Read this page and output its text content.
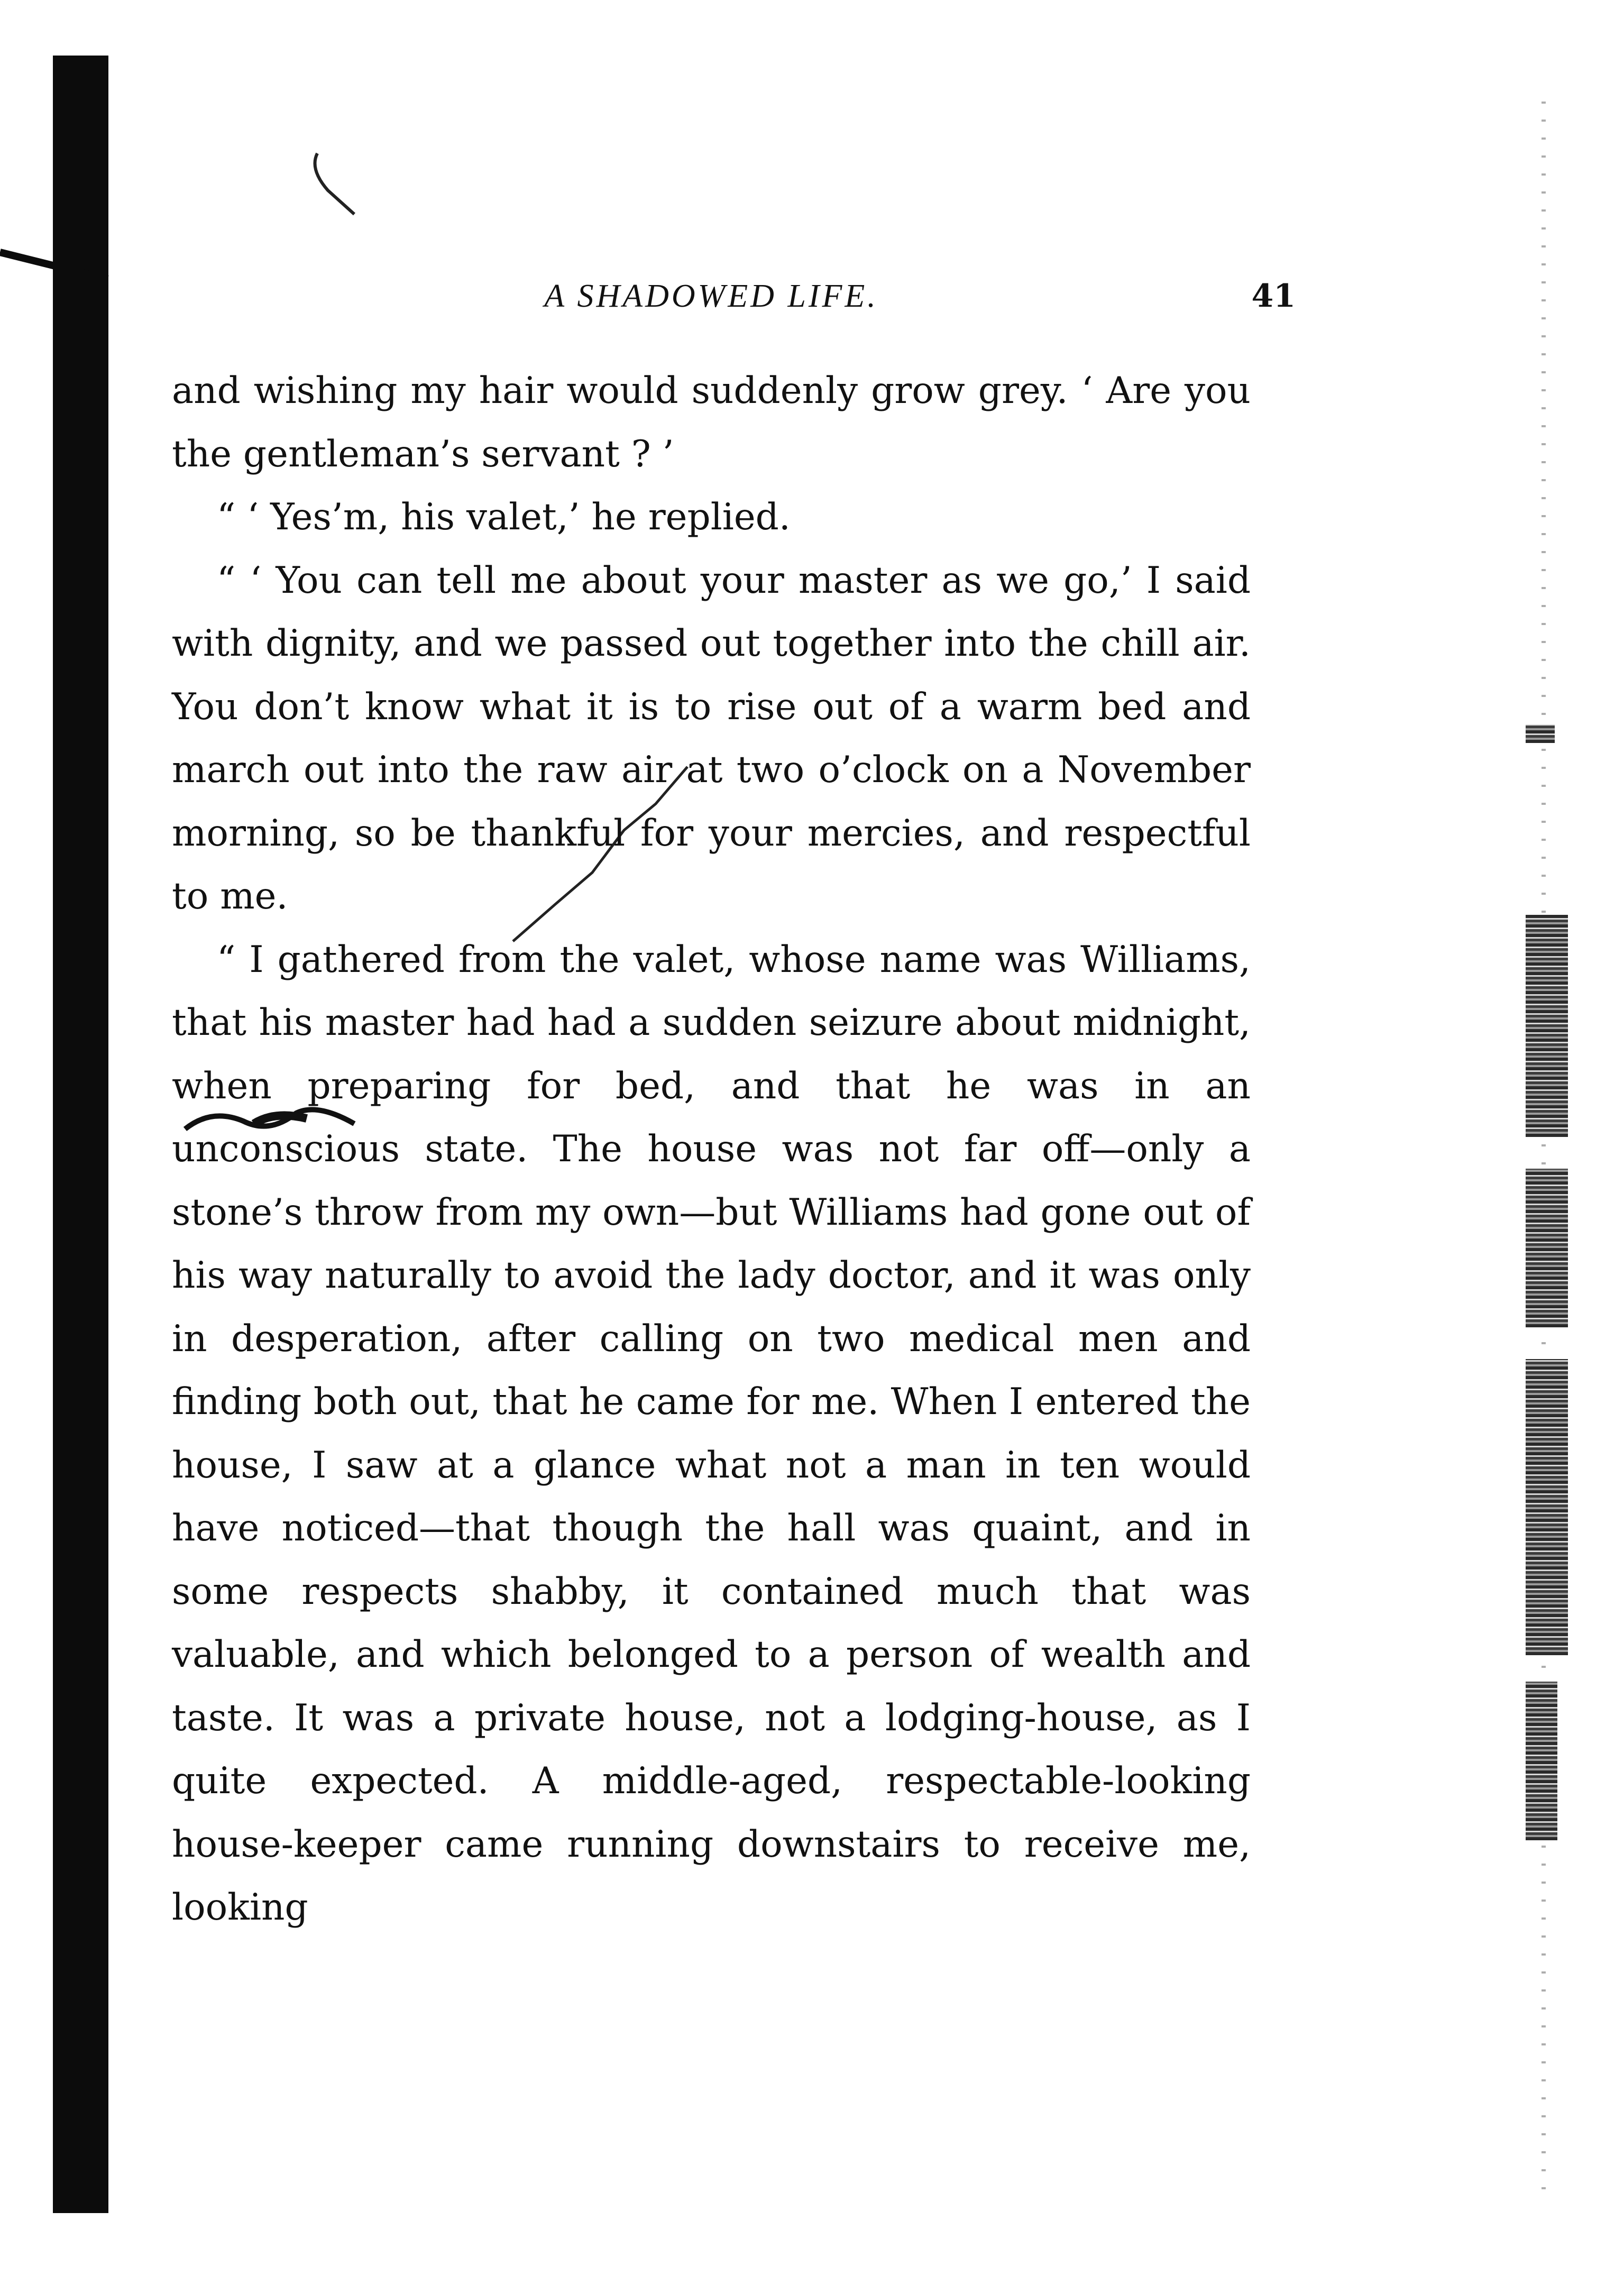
A SHADOWED LIFE.	41

and wishing my hair would suddenly grow grey. ‘ Are you the gentleman’s servant ? ’

“ ‘ Yes’m, his valet,’ he replied.

“ ‘ You can tell me about your master as we go,’ I said with dignity, and we passed out together into the chill air. You don’t know what it is to rise out of a warm bed and march out into the raw air at two o’clock on a November morning, so be thankful for your mercies, and respectful to me.

“ I gathered from the valet, whose name was Williams, that his master had had a sudden seizure about midnight, when preparing for bed, and that he was in an unconscious state. The house was not far off—only a stone’s throw from my own—but Williams had gone out of his way naturally to avoid the lady doctor, and it was only in desperation, after calling on two medical men and finding both out, that he came for me. When I entered the house, I saw at a glance what not a man in ten would have noticed—that though the hall was quaint, and in some respects shabby, it contained much that was valuable, and which belonged to a person of wealth and taste. It was a private house, not a lodging-house, as I quite expected. A middle-aged, respectable-looking house-keeper came running downstairs to receive me, looking
